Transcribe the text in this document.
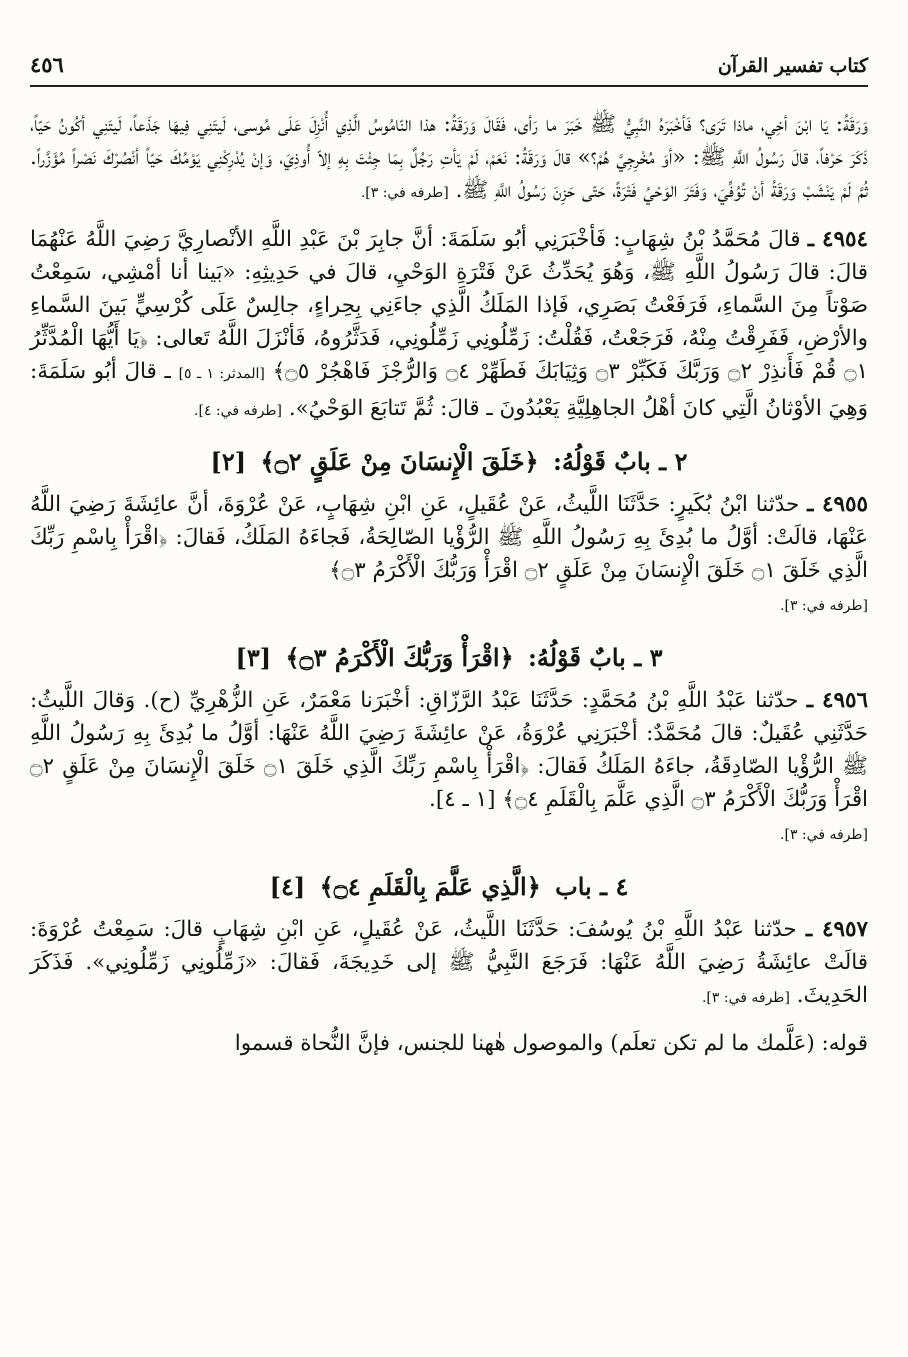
كتاب تفسير القرآن
٤٥٦

وَرَقَةُ: يَا ابْنَ أخِي، ماذا تَرَى؟ فَأخْبَرَهُ النَّبِيُّ ﷺ خَبَرَ ما رَأى، فَقَالَ وَرَقَةُ: هذا النّامُوسُ الَّذِي أُنْزِلَ عَلَى مُوسى، لَيتَنِي فِيهَا جَذَعاً، لَيتَنِي أكُونُ حَيّاً، ذَكَرَ حَرْفاً، قالَ رَسُولُ اللَّهِ ﷺ: «أوَ مُخْرِجِيَّ هُمْ؟» قالَ وَرَقَةُ: نَعَمْ، لَمْ يَأتِ رَجُلٌ بِمَا جِئْتَ بِهِ إلاّ أُوذِيَ، وَإنْ يُدْرِكْنِي يَوْمُكَ حَيّاً أنْصُرْكَ نَصْراً مُؤَزَّراً. ثُمَّ لَمْ يَنْشَبْ وَرَقَةُ أنْ تُوُفِّيَ، وَفَتَرَ الوَحْيُ فَتْرَةً، حَتّى حَزِنَ رَسُولُ اللَّهِ ﷺ. [طرفه في: ٣].

٤٩٥٤ ـ قالَ مُحَمَّدُ بْنُ شِهَابٍ: فَأخْبَرَنِي أبُو سَلَمَةَ: أنَّ جابِرَ بْنَ عَبْدِ اللَّهِ الأنْصارِيَّ رَضِيَ اللَّهُ عَنْهُمَا قالَ: قالَ رَسُولُ اللَّهِ ﷺ، وَهُوَ يُحَدِّثُ عَنْ فَتْرَةِ الوَحْيِ، قالَ في حَدِيثِهِ: «بَينا أنا أمْشِي، سَمِعْتُ صَوْتاً مِنَ السَّماءِ، فَرَفَعْتُ بَصَرِي، فَإذا المَلَكُ الَّذِي جاءَنِي بِحِراءٍ، جالِسٌ عَلَى كُرْسِيٍّ بَينَ السَّماءِ والأرْضِ، فَفَرِقْتُ مِنْهُ، فَرَجَعْتُ، فَقُلْتُ: زَمِّلُونِي زَمِّلُونِي، فَدَثَّرُوهُ، فَأنْزَلَ اللَّهُ تَعالى: ﴿يَا أَيُّهَا الْمُدَّثِّرُ ۝١ قُمْ فَأَنذِرْ ۝٢ وَرَبَّكَ فَكَبِّرْ ۝٣ وَثِيَابَكَ فَطَهِّرْ ۝٤ وَالرُّجْزَ فَاهْجُرْ ۝٥﴾ [المدثر: ١ ـ ٥] ـ قالَ أبُو سَلَمَةَ: وَهِيَ الأوْثانُ الَّتِي كانَ أهْلُ الجاهِلِيَّةِ يَعْبُدُونَ ـ قالَ: ثُمَّ تَتابَعَ الوَحْيُ». [طرفه في: ٤].

٢ ـ بابٌ قَوْلُهُ: ﴿خَلَقَ الْإِنسَانَ مِنْ عَلَقٍ ۝٢﴾ [٢]

٤٩٥٥ ـ حدّثنا ابْنُ بُكَيرٍ: حَدَّثَنَا اللَّيثُ، عَنْ عُقَيلٍ، عَنِ ابْنِ شِهَابٍ، عَنْ عُرْوَةَ، أنَّ عائِشَةَ رَضِيَ اللَّهُ عَنْهَا، قالَتْ: أوَّلُ ما بُدِئَ بِهِ رَسُولُ اللَّهِ ﷺ الرُّؤْيا الصّالِحَةُ، فَجاءَهُ المَلَكُ، فَقالَ: ﴿اقْرَأْ بِاسْمِ رَبِّكَ الَّذِي خَلَقَ ۝١ خَلَقَ الْإِنسَانَ مِنْ عَلَقٍ ۝٢ اقْرَأْ وَرَبُّكَ الْأَكْرَمُ ۝٣﴾
[طرفه في: ٣].

٣ ـ بابٌ قَوْلُهُ: ﴿اقْرَأْ وَرَبُّكَ الْأَكْرَمُ ۝٣﴾ [٣]

٤٩٥٦ ـ حدّثنا عَبْدُ اللَّهِ بْنُ مُحَمَّدٍ: حَدَّثَنَا عَبْدُ الرَّزّاقِ: أخْبَرَنا مَعْمَرٌ، عَنِ الزُّهْرِيِّ (ح). وَقالَ اللَّيثُ: حَدَّثَنِي عُقَيلٌ: قالَ مُحَمَّدٌ: أخْبَرَنِي عُرْوَةُ، عَنْ عائِشَةَ رَضِيَ اللَّهُ عَنْهَا: أوَّلُ ما بُدِئَ بِهِ رَسُولُ اللَّهِ ﷺ الرُّؤْيا الصّادِقَةُ، جاءَهُ المَلَكُ فَقالَ: ﴿اقْرَأْ بِاسْمِ رَبِّكَ الَّذِي خَلَقَ ۝١ خَلَقَ الْإِنسَانَ مِنْ عَلَقٍ ۝٢ اقْرَأْ وَرَبُّكَ الْأَكْرَمُ ۝٣ الَّذِي عَلَّمَ بِالْقَلَمِ ۝٤﴾ [١ ـ ٤].
[طرفه في: ٣].

٤ ـ باب ﴿الَّذِي عَلَّمَ بِالْقَلَمِ ۝٤﴾ [٤]

٤٩٥٧ ـ حدّثنا عَبْدُ اللَّهِ بْنُ يُوسُفَ: حَدَّثَنَا اللَّيثُ، عَنْ عُقَيلٍ، عَنِ ابْنِ شِهَابٍ قالَ: سَمِعْتُ عُرْوَةَ: قالَتْ عائِشَةُ رَضِيَ اللَّهُ عَنْهَا: فَرَجَعَ النَّبِيُّ ﷺ إلى خَدِيجَةَ، فَقالَ: «زَمِّلُونِي زَمِّلُونِي». فَذَكَرَ الحَدِيثَ. [طرفه في: ٣].

قوله: (عَلَّمك ما لم تكن تعلَم) والموصول هٰهنا للجنس، فإنَّ النُّحاة قسموا
